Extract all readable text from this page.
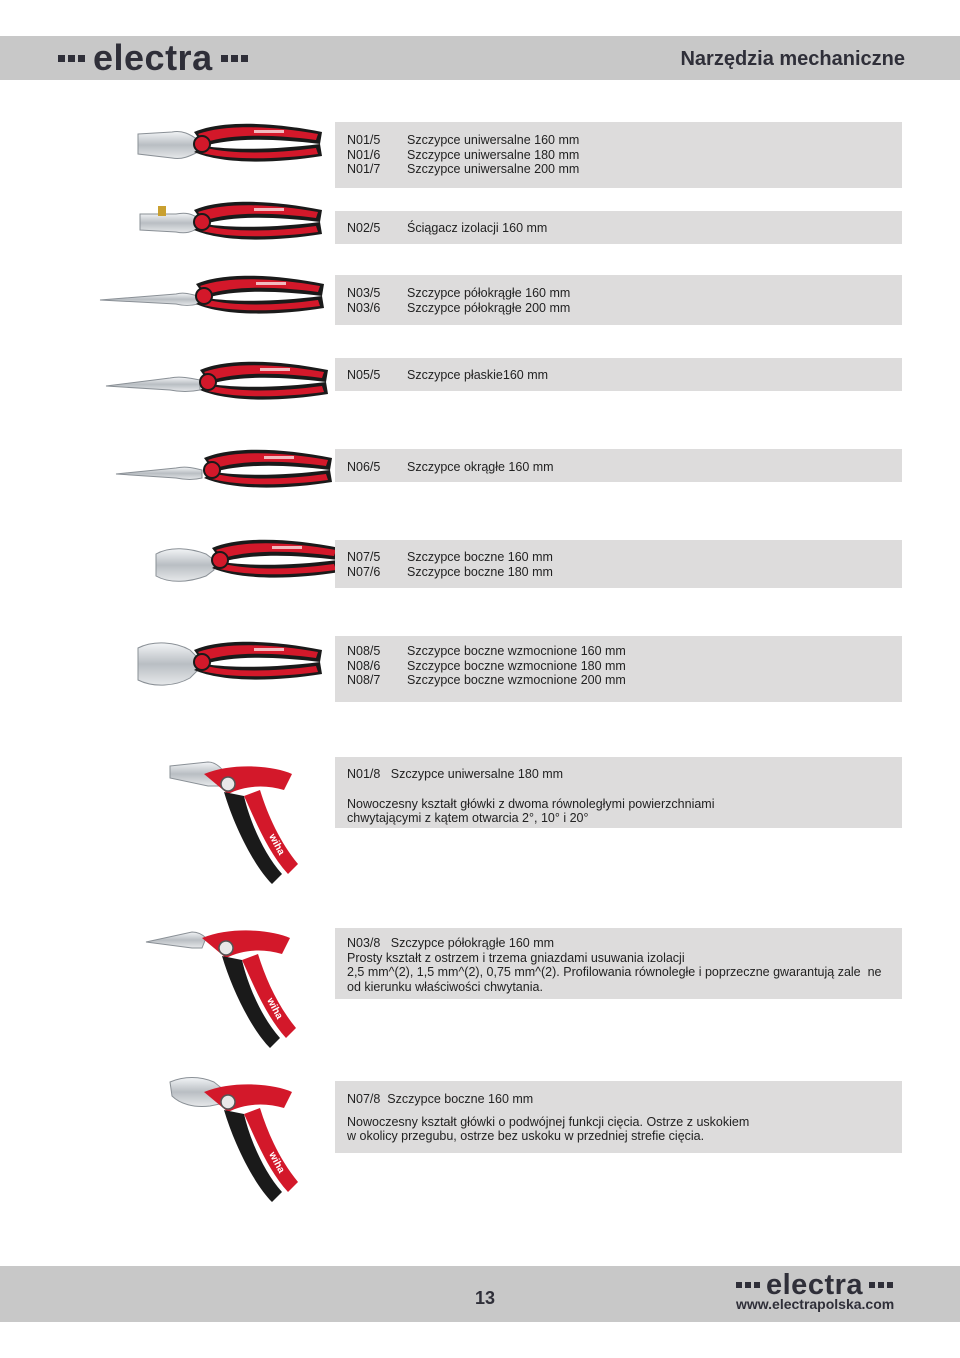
electra	Narzędzia mechaniczne
N01/5
N01/6
N01/7
Szczypce uniwersalne 160 mm
Szczypce uniwersalne 180 mm
Szczypce uniwersalne 200 mm
N02/5 Ściągacz izolacji 160 mm
N03/5
N03/6
Szczypce półokrągłe 160 mm
Szczypce półokrągłe 200 mm
N05/5 Szczypce płaskie160 mm
N06/5 Szczypce okrągłe 160 mm
N07/5
N07/6
Szczypce boczne 160 mm
Szczypce boczne 180 mm
N08/5
N08/6
N08/7
Szczypce boczne wzmocnione 160 mm
Szczypce boczne wzmocnione 180 mm
Szczypce boczne wzmocnione 200 mm
N01/8   Szczypce uniwersalne 180 mm
Nowoczesny kształt główki z dwoma równoległymi powierzchniami
chwytającymi z kątem otwarcia 2°, 10° i 20°
N03/8   Szczypce półokrągłe 160 mm
Prosty kształt z ostrzem i trzema gniazdami usuwania izolacji
2,5 mm^(2), 1,5 mm^(2), 0,75 mm^(2). Profilowania równoległe i poprzeczne gwarantują zale  ne
od kierunku właściwości chwytania.
N07/8  Szczypce boczne 160 mm
Nowoczesny kształt główki o podwójnej funkcji cięcia. Ostrze z uskokiem
w okolicy przegubu, ostrze bez uskoku w przedniej strefie cięcia.
13	electra
www.electrapolska.com
